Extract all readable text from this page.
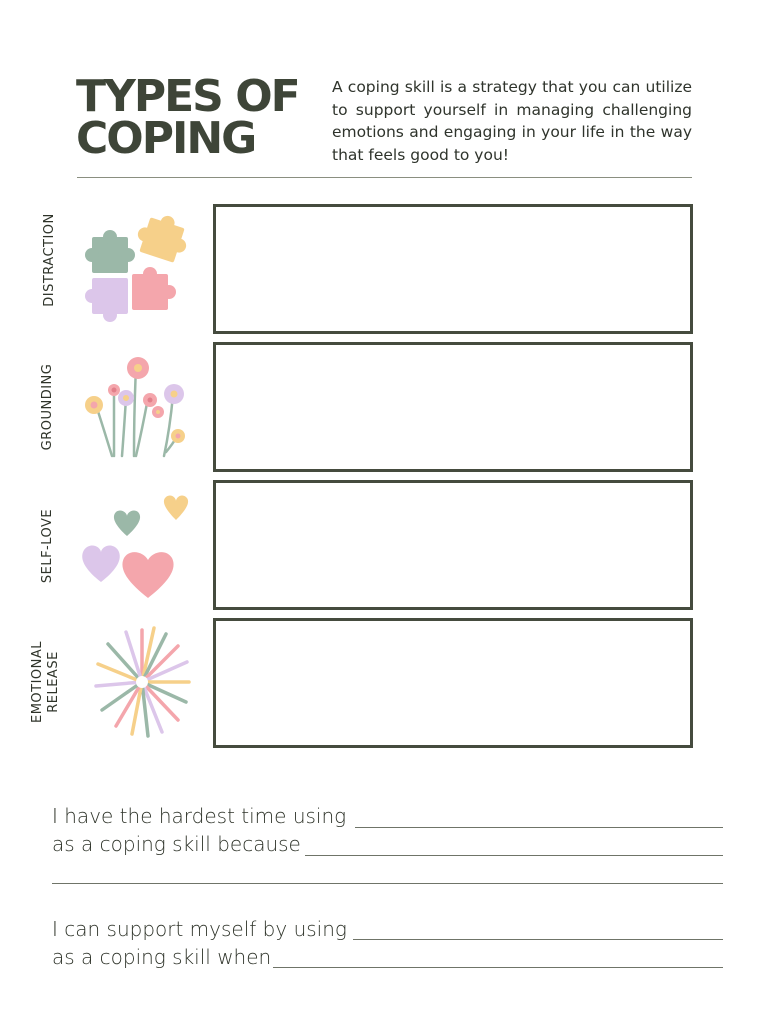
TYPES OF
COPING

A coping skill is a strategy that you can utilize to support yourself in managing challenging emotions and engaging in your life in the way that feels good to you!

DISTRACTION
GROUNDING
SELF-LOVE
EMOTIONAL
RELEASE
I have the hardest time using
as a coping skill because
I can support myself by using
as a coping skill when
